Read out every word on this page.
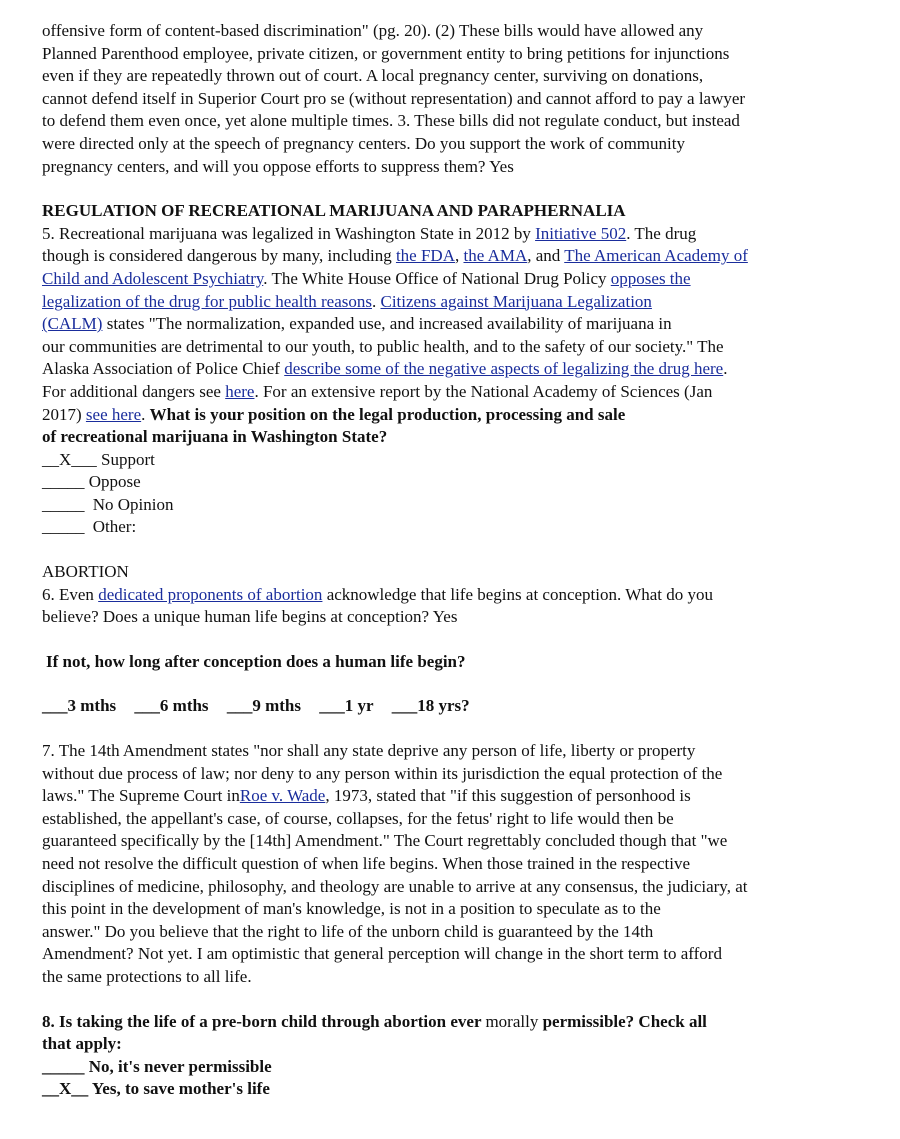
offensive form of content-based discrimination" (pg. 20). (2) These bills would have allowed any

Planned Parenthood employee, private citizen, or government entity to bring petitions for injunctions

even if they are repeatedly thrown out of court. A local pregnancy center, surviving on donations,

cannot defend itself in Superior Court pro se (without representation) and cannot afford to pay a lawyer

to defend them even once, yet alone multiple times. 3. These bills did not regulate conduct, but instead

were directed only at the speech of pregnancy centers. Do you support the work of community

pregnancy centers, and will you oppose efforts to suppress them? Yes

REGULATION OF RECREATIONAL MARIJUANA AND PARAPHERNALIA

5. Recreational marijuana was legalized in Washington State in 2012 by Initiative 502. The drug

though is considered dangerous by many, including the FDA, the AMA, and The American Academy of

Child and Adolescent Psychiatry. The White House Office of National Drug Policy opposes the

legalization of the drug for public health reasons. Citizens against Marijuana Legalization

(CALM) states "The normalization, expanded use, and increased availability of marijuana in

our communities are detrimental to our youth, to public health, and to the safety of our society." The

Alaska Association of Police Chief describe some of the negative aspects of legalizing the drug here.

For additional dangers see here. For an extensive report by the National Academy of Sciences (Jan

2017) see here. What is your position on the legal production, processing and sale

of recreational marijuana in Washington State?

__X___ Support
_____ Oppose
_____ No Opinion
_____ Other:

ABORTION

6. Even dedicated proponents of abortion acknowledge that life begins at conception. What do you

believe? Does a unique human life begins at conception? Yes

If not, how long after conception does a human life begin?

___3 mths ___6 mths ___9 mths ___1 yr ___18 yrs?

7. The 14th Amendment states "nor shall any state deprive any person of life, liberty or property

without due process of law; nor deny to any person within its jurisdiction the equal protection of the

laws." The Supreme Court inRoe v. Wade, 1973, stated that "if this suggestion of personhood is

established, the appellant's case, of course, collapses, for the fetus' right to life would then be

guaranteed specifically by the [14th] Amendment." The Court regrettably concluded though that "we

need not resolve the difficult question of when life begins. When those trained in the respective

disciplines of medicine, philosophy, and theology are unable to arrive at any consensus, the judiciary, at

this point in the development of man's knowledge, is not in a position to speculate as to the

answer." Do you believe that the right to life of the unborn child is guaranteed by the 14th

Amendment? Not yet. I am optimistic that general perception will change in the short term to afford

the same protections to all life.

8. Is taking the life of a pre-born child through abortion ever morally permissible? Check all

that apply:

_____ No, it's never permissible
__X__ Yes, to save mother's life
